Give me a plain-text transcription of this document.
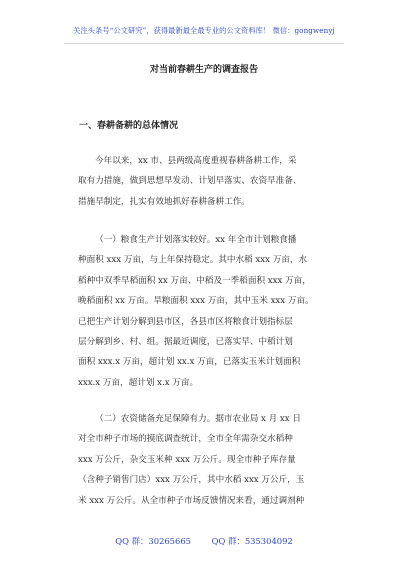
关注头条号“公文研究”，获得最新最全最专业的公文资料库！ 微信：gongwenyj
对当前春耕生产的调查报告
一、春耕备耕的总体情况
今年以来，xx 市、县两级高度重视春耕备耕工作，采
取有力措施，做到思想早发动、计划早落实、农资早准备、
措施早制定，扎实有效地抓好春耕备耕工作。
（一）粮食生产计划落实较好。xx 年全市计划粮食播
种面积 xxx 万亩，与上年保持稳定。其中水稻 xxx 万亩，水
稻种中双季早稻面积 xx 万亩、中稻及一季稻面积 xxx 万亩，
晚稻面积 xx 万亩。旱粮面积 xxx 万亩，其中玉米 xxx 万亩。
已把生产计划分解到县市区，各县市区将粮食计划指标层
层分解到乡、村、组。据最近调度，已落实早、中稻计划
面积 xxx.x 万亩，超计划 xx.x 万亩，已落实玉米计划面积
xxx.x 万亩，超计划 x.x 万亩。
（二）农资储备充足保障有力。据市农业局 x 月 xx 日
对全市种子市场的摸底调查统计，全市全年需杂交水稻种
xxx 万公斤，杂交玉米种 xxx 万公斤。现全市种子库存量
（含种子销售门店）xxx 万公斤，其中水稻 xxx 万公斤，玉
米 xxx 万公斤。从全市种子市场反馈情况来看，通过调剂种
QQ 群：30265665 QQ 群：535304092
